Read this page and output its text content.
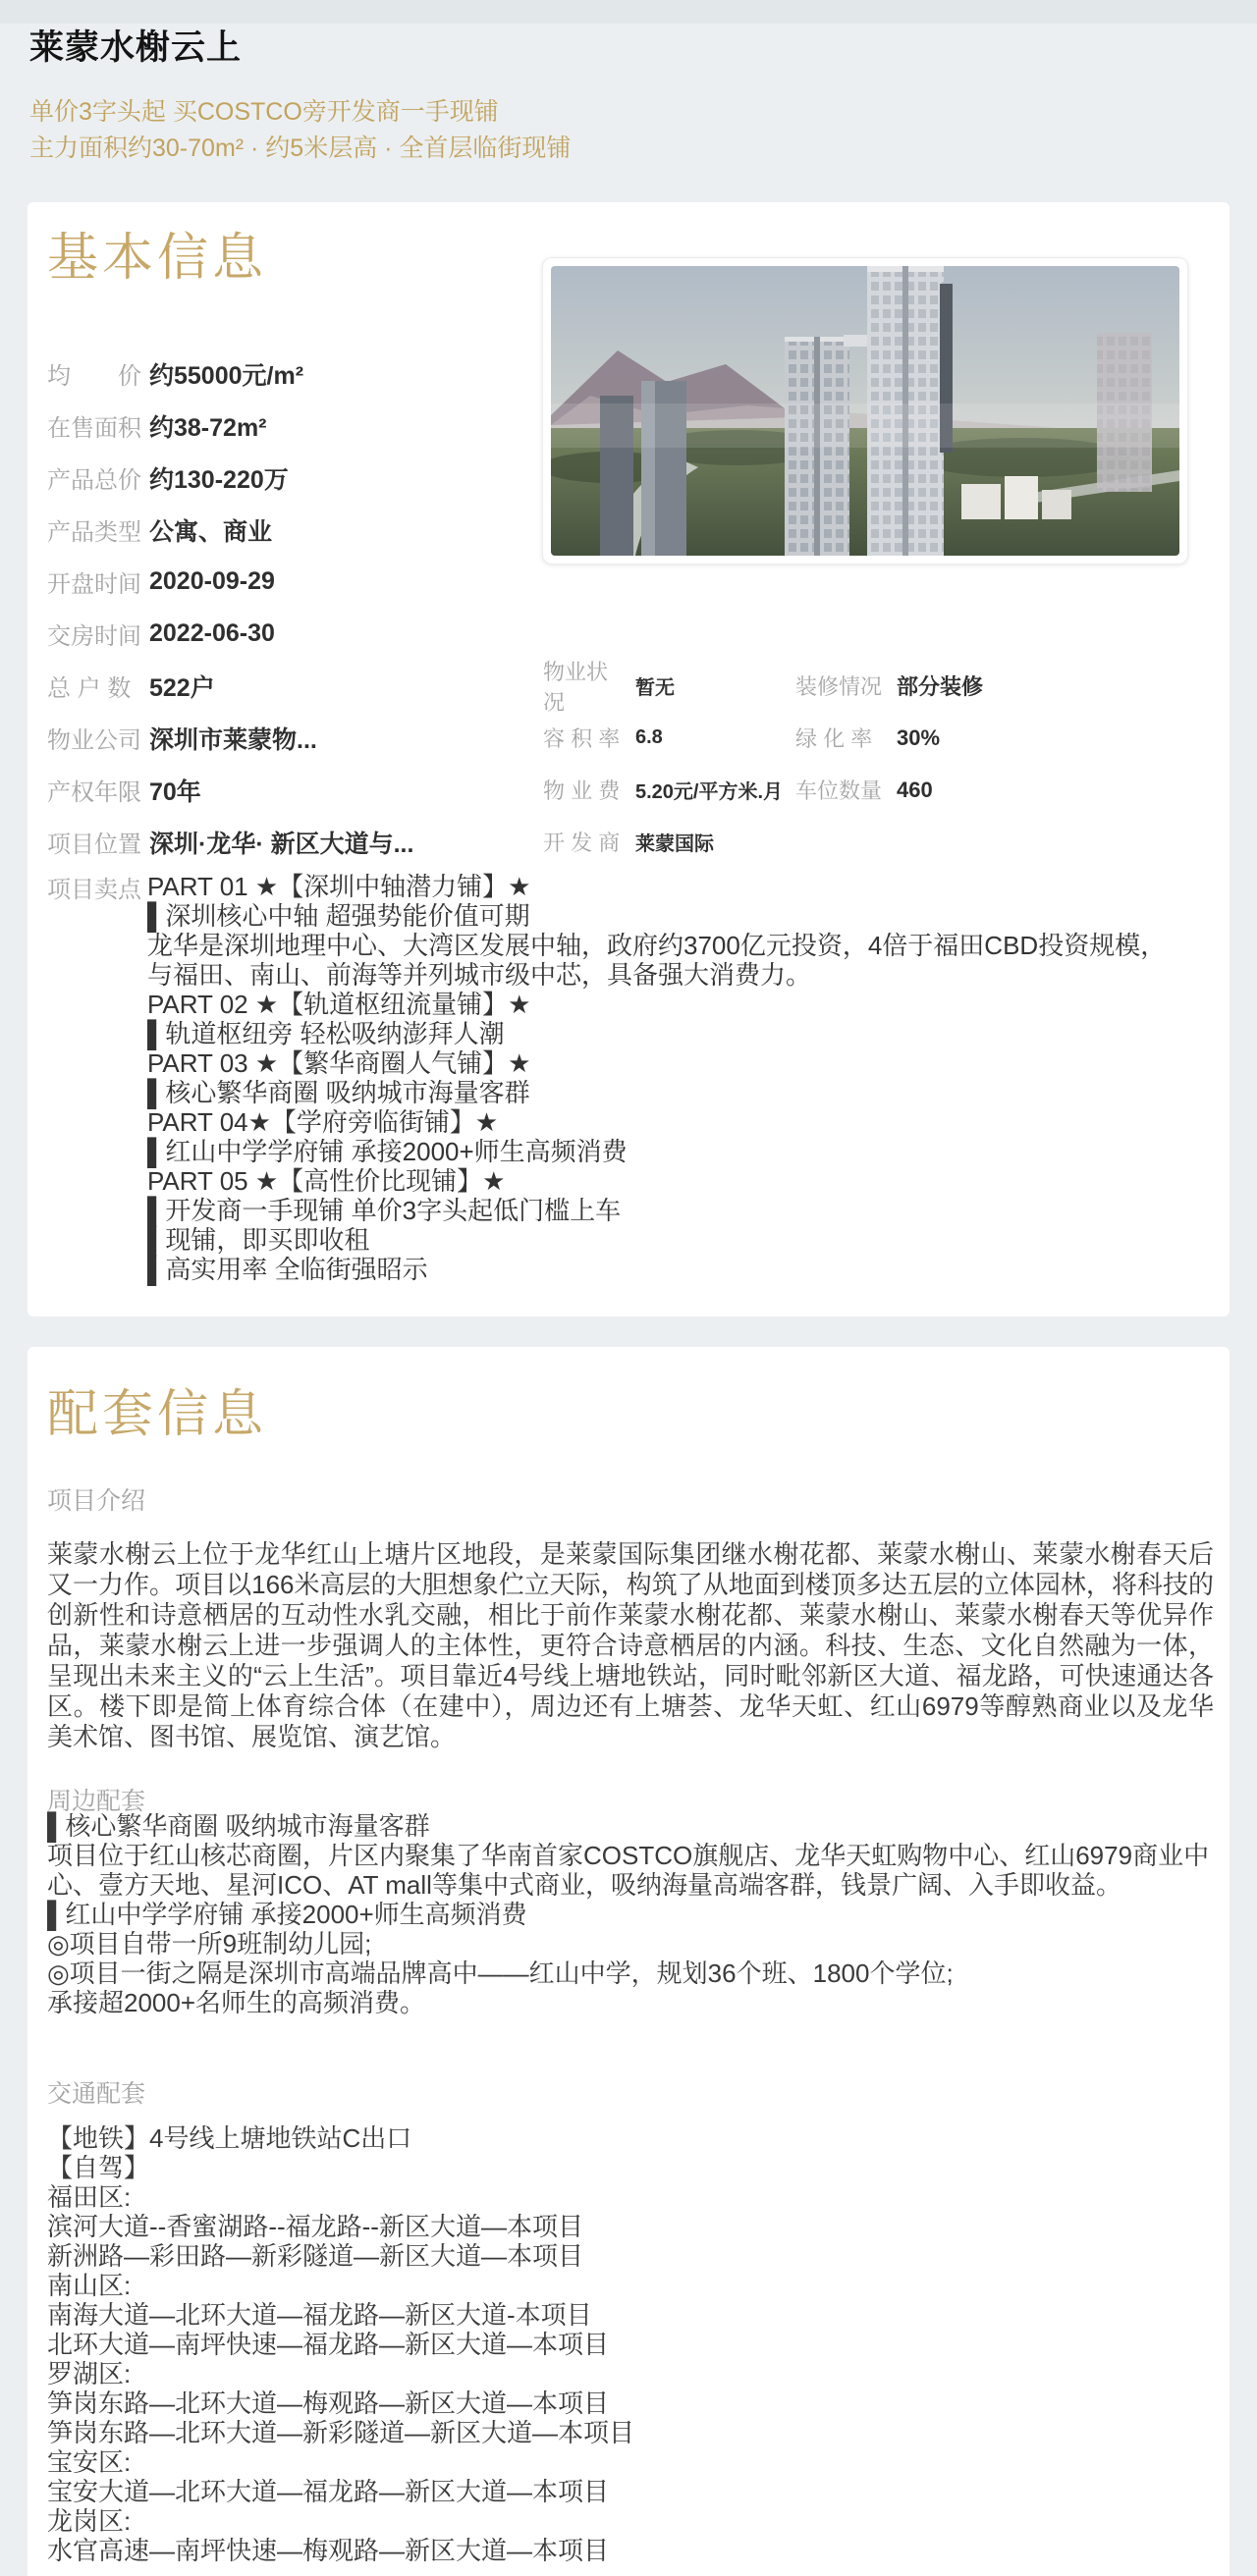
莱蒙水榭云上

单价3字头起 买COSTCO旁开发商一手现铺

主力面积约30-70m² · 约5米层高 · 全首层临街现铺

基本信息
均　　价 约55000元/m²
在售面积 约38-72m²
产品总价 约130-220万
产品类型 公寓、商业
开盘时间 2020-09-29
交房时间 2022-06-30
总 户 数 522户
物业公司 深圳市莱蒙物...
产权年限 70年
项目位置 深圳·龙华· 新区大道与...
物业状况
暂无
容 积 率 6.8
物 业 费 5.20元/平方米.月
开 发 商 莱蒙国际
装修情况 部分装修
绿 化 率	30%
车位数量 460
项目卖点 PART 01 ★【深圳中轴潜力铺】★
▌深圳核心中轴 超强势能价值可期
龙华是深圳地理中心、大湾区发展中轴，政府约3700亿元投资，4倍于福田CBD投资规模，
与福田、南山、前海等并列城市级中芯，具备强大消费力。
PART 02 ★【轨道枢纽流量铺】★
▌轨道枢纽旁 轻松吸纳澎拜人潮
PART 03 ★【繁华商圈人气铺】★
▌核心繁华商圈 吸纳城市海量客群
PART 04★【学府旁临街铺】★
▌红山中学学府铺 承接2000+师生高频消费
PART 05 ★【高性价比现铺】★
▌开发商一手现铺 单价3字头起低门槛上车
▌现铺，即买即收租
▌高实用率 全临街强昭示
配套信息
项目介绍

莱蒙水榭云上位于龙华红山上塘片区地段，是莱蒙国际集团继水榭花都、莱蒙水榭山、莱蒙水榭春天后又一力作。项目以166米高层的大胆想象伫立天际，构筑了从地面到楼顶多达五层的立体园林，将科技的创新性和诗意栖居的互动性水乳交融，相比于前作莱蒙水榭花都、莱蒙水榭山、莱蒙水榭春天等优异作品，莱蒙水榭云上进一步强调人的主体性，更符合诗意栖居的内涵。科技、生态、文化自然融为一体，呈现出未来主义的“云上生活”。项目靠近4号线上塘地铁站，同时毗邻新区大道、福龙路，可快速通达各区。楼下即是简上体育综合体（在建中），周边还有上塘荟、龙华天虹、红山6979等醇熟商业以及龙华美术馆、图书馆、展览馆、演艺馆。

周边配套
▌核心繁华商圈 吸纳城市海量客群
项目位于红山核芯商圈，片区内聚集了华南首家COSTCO旗舰店、龙华天虹购物中心、红山6979商业中心、壹方天地、星河ICO、AT mall等集中式商业，吸纳海量高端客群，钱景广阔、入手即收益。
▌红山中学学府铺 承接2000+师生高频消费
◎项目自带一所9班制幼儿园;
◎项目一街之隔是深圳市高端品牌高中——红山中学，规划36个班、1800个学位;
承接超2000+名师生的高频消费。
交通配套
【地铁】4号线上塘地铁站C出口
【自驾】
福田区:
滨河大道--香蜜湖路--福龙路--新区大道—本项目
新洲路—彩田路—新彩隧道—新区大道—本项目
南山区:
南海大道—北环大道—福龙路—新区大道-本项目
北环大道—南坪快速—福龙路—新区大道—本项目
罗湖区:
笋岗东路—北环大道—梅观路—新区大道—本项目
笋岗东路—北环大道—新彩隧道—新区大道—本项目
宝安区:
宝安大道—北环大道—福龙路—新区大道—本项目
龙岗区:
水官高速—南坪快速—梅观路—新区大道—本项目
